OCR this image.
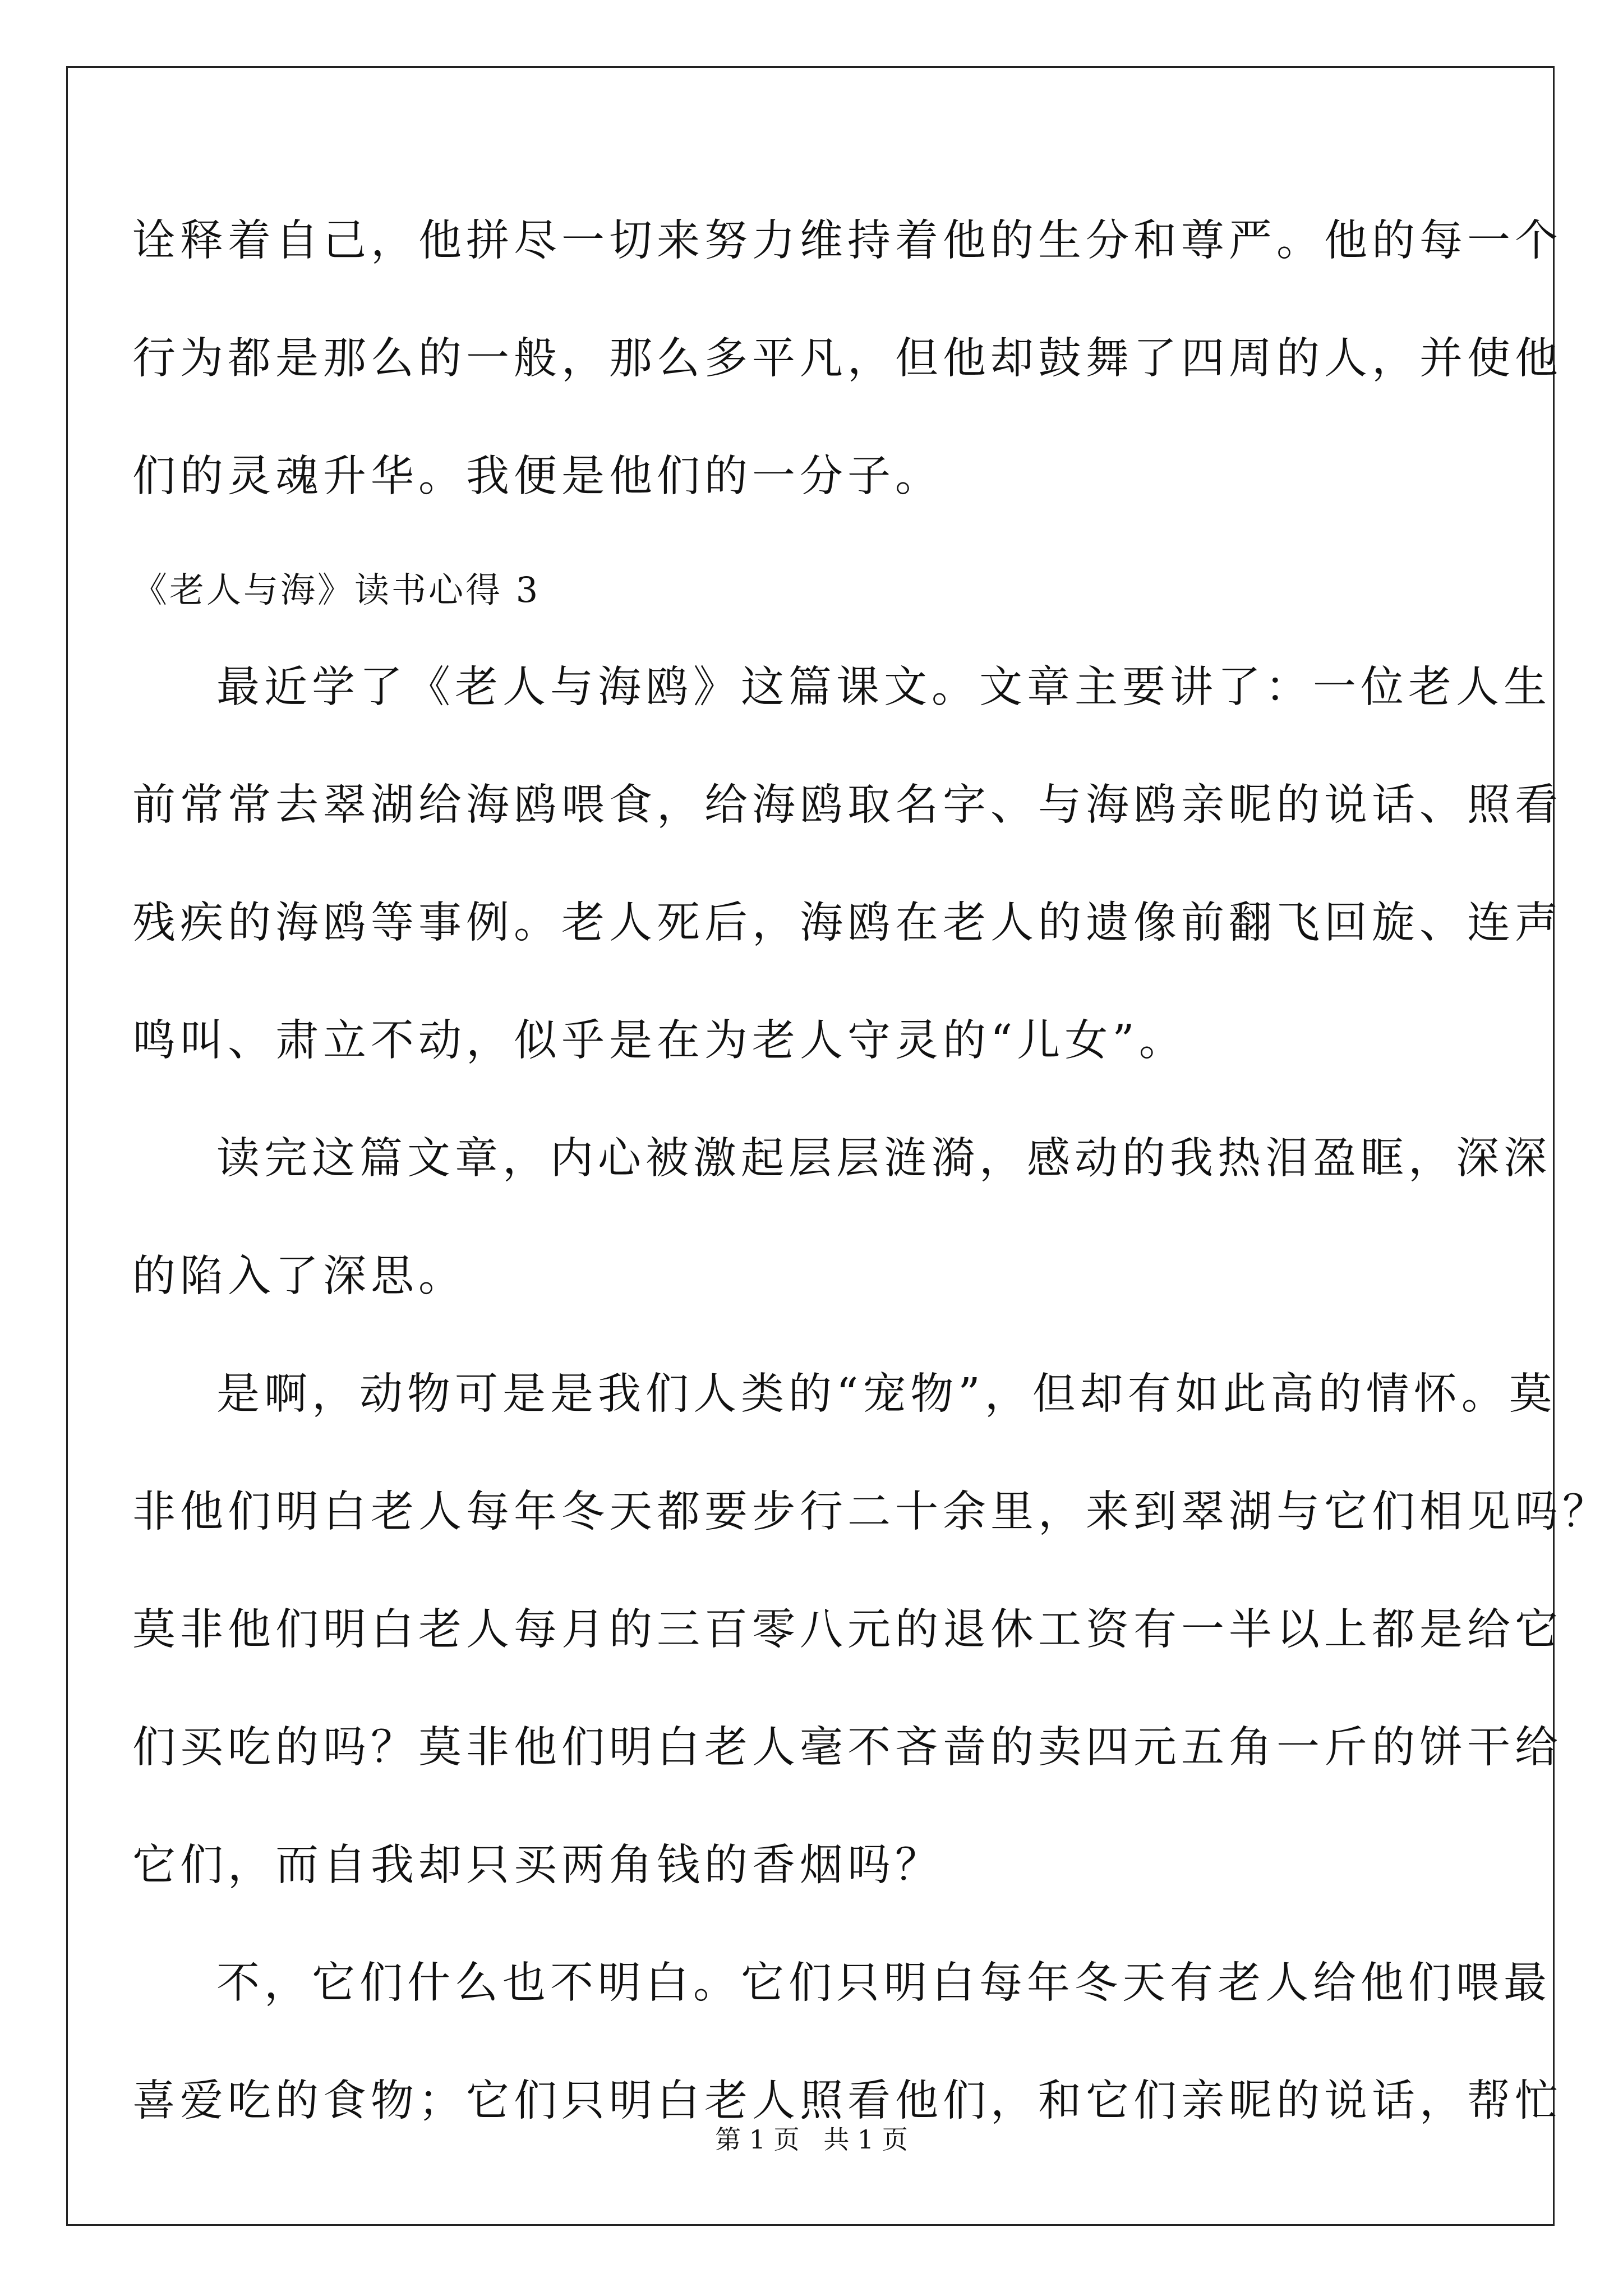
诠释着自己，他拼尽一切来努力维持着他的生分和尊严。他的每一个
行为都是那么的一般，那么多平凡，但他却鼓舞了四周的人，并使他
们的灵魂升华。我便是他们的一分子。
《老人与海》读书心得 3
最近学了《老人与海鸥》这篇课文。文章主要讲了：一位老人生
前常常去翠湖给海鸥喂食，给海鸥取名字、与海鸥亲昵的说话、照看
残疾的海鸥等事例。老人死后，海鸥在老人的遗像前翻飞回旋、连声
鸣叫、肃立不动，似乎是在为老人守灵的“儿女”。
读完这篇文章，内心被激起层层涟漪，感动的我热泪盈眶，深深
的陷入了深思。
是啊，动物可是是我们人类的“宠物”，但却有如此高的情怀。莫
非他们明白老人每年冬天都要步行二十余里，来到翠湖与它们相见吗？
莫非他们明白老人每月的三百零八元的退休工资有一半以上都是给它
们买吃的吗？莫非他们明白老人毫不吝啬的卖四元五角一斤的饼干给
它们，而自我却只买两角钱的香烟吗？
不，它们什么也不明白。它们只明白每年冬天有老人给他们喂最
喜爱吃的食物；它们只明白老人照看他们，和它们亲昵的说话，帮忙
第 1 页 共 1 页
